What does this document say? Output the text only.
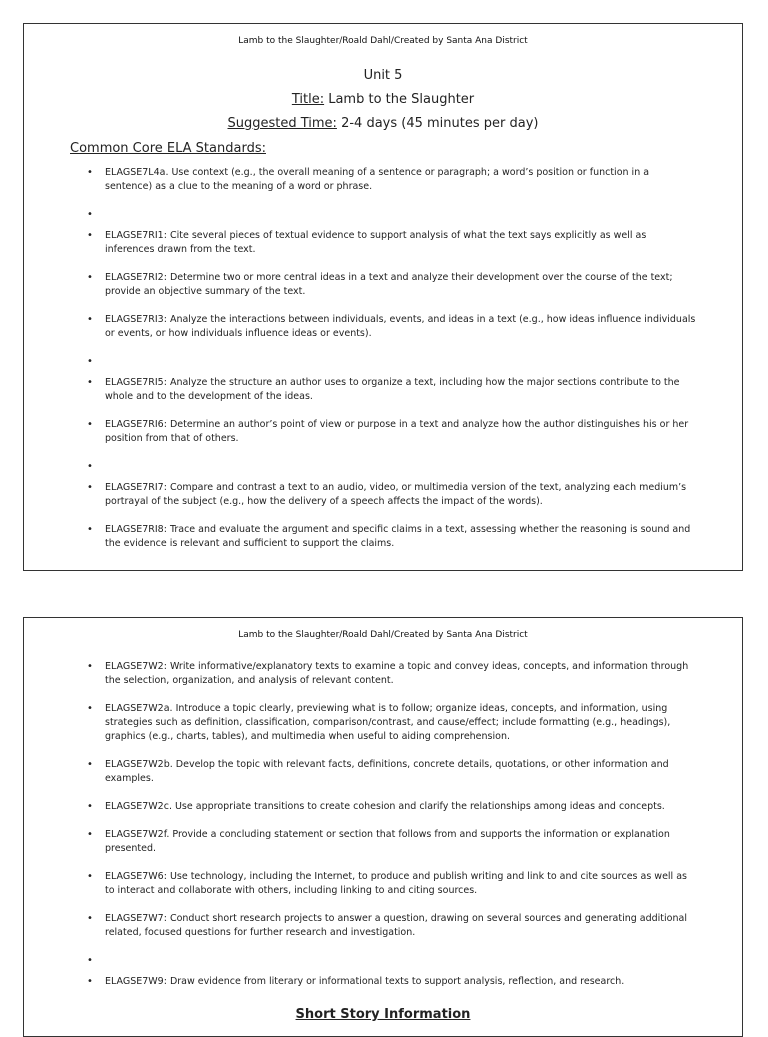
Lamb to the Slaughter/Roald Dahl/Created by Santa Ana District
Unit 5
Title: Lamb to the Slaughter
Suggested Time: 2-4 days (45 minutes per day)
Common Core ELA Standards:
• ELAGSE7L4a. Use context (e.g., the overall meaning of a sentence or paragraph; a word’s position or function in a sentence) as a clue to the meaning of a word or phrase.
•
• ELAGSE7RI1: Cite several pieces of textual evidence to support analysis of what the text says explicitly as well as inferences drawn from the text.
• ELAGSE7RI2: Determine two or more central ideas in a text and analyze their development over the course of the text; provide an objective summary of the text.
• ELAGSE7RI3: Analyze the interactions between individuals, events, and ideas in a text (e.g., how ideas influence individuals or events, or how individuals influence ideas or events).
•
• ELAGSE7RI5: Analyze the structure an author uses to organize a text, including how the major sections contribute to the whole and to the development of the ideas.
• ELAGSE7RI6: Determine an author’s point of view or purpose in a text and analyze how the author distinguishes his or her position from that of others.
•
• ELAGSE7RI7: Compare and contrast a text to an audio, video, or multimedia version of the text, analyzing each medium’s portrayal of the subject (e.g., how the delivery of a speech affects the impact of the words).
• ELAGSE7RI8: Trace and evaluate the argument and specific claims in a text, assessing whether the reasoning is sound and the evidence is relevant and sufficient to support the claims.
Lamb to the Slaughter/Roald Dahl/Created by Santa Ana District
• ELAGSE7W2: Write informative/explanatory texts to examine a topic and convey ideas, concepts, and information through the selection, organization, and analysis of relevant content.
• ELAGSE7W2a. Introduce a topic clearly, previewing what is to follow; organize ideas, concepts, and information, using strategies such as definition, classification, comparison/contrast, and cause/effect; include formatting (e.g., headings), graphics (e.g., charts, tables), and multimedia when useful to aiding comprehension.
• ELAGSE7W2b. Develop the topic with relevant facts, definitions, concrete details, quotations, or other information and examples.
• ELAGSE7W2c. Use appropriate transitions to create cohesion and clarify the relationships among ideas and concepts.
• ELAGSE7W2f. Provide a concluding statement or section that follows from and supports the information or explanation presented.
• ELAGSE7W6: Use technology, including the Internet, to produce and publish writing and link to and cite sources as well as to interact and collaborate with others, including linking to and citing sources.
• ELAGSE7W7: Conduct short research projects to answer a question, drawing on several sources and generating additional related, focused questions for further research and investigation.
•
• ELAGSE7W9: Draw evidence from literary or informational texts to support analysis, reflection, and research.
Short Story Information
